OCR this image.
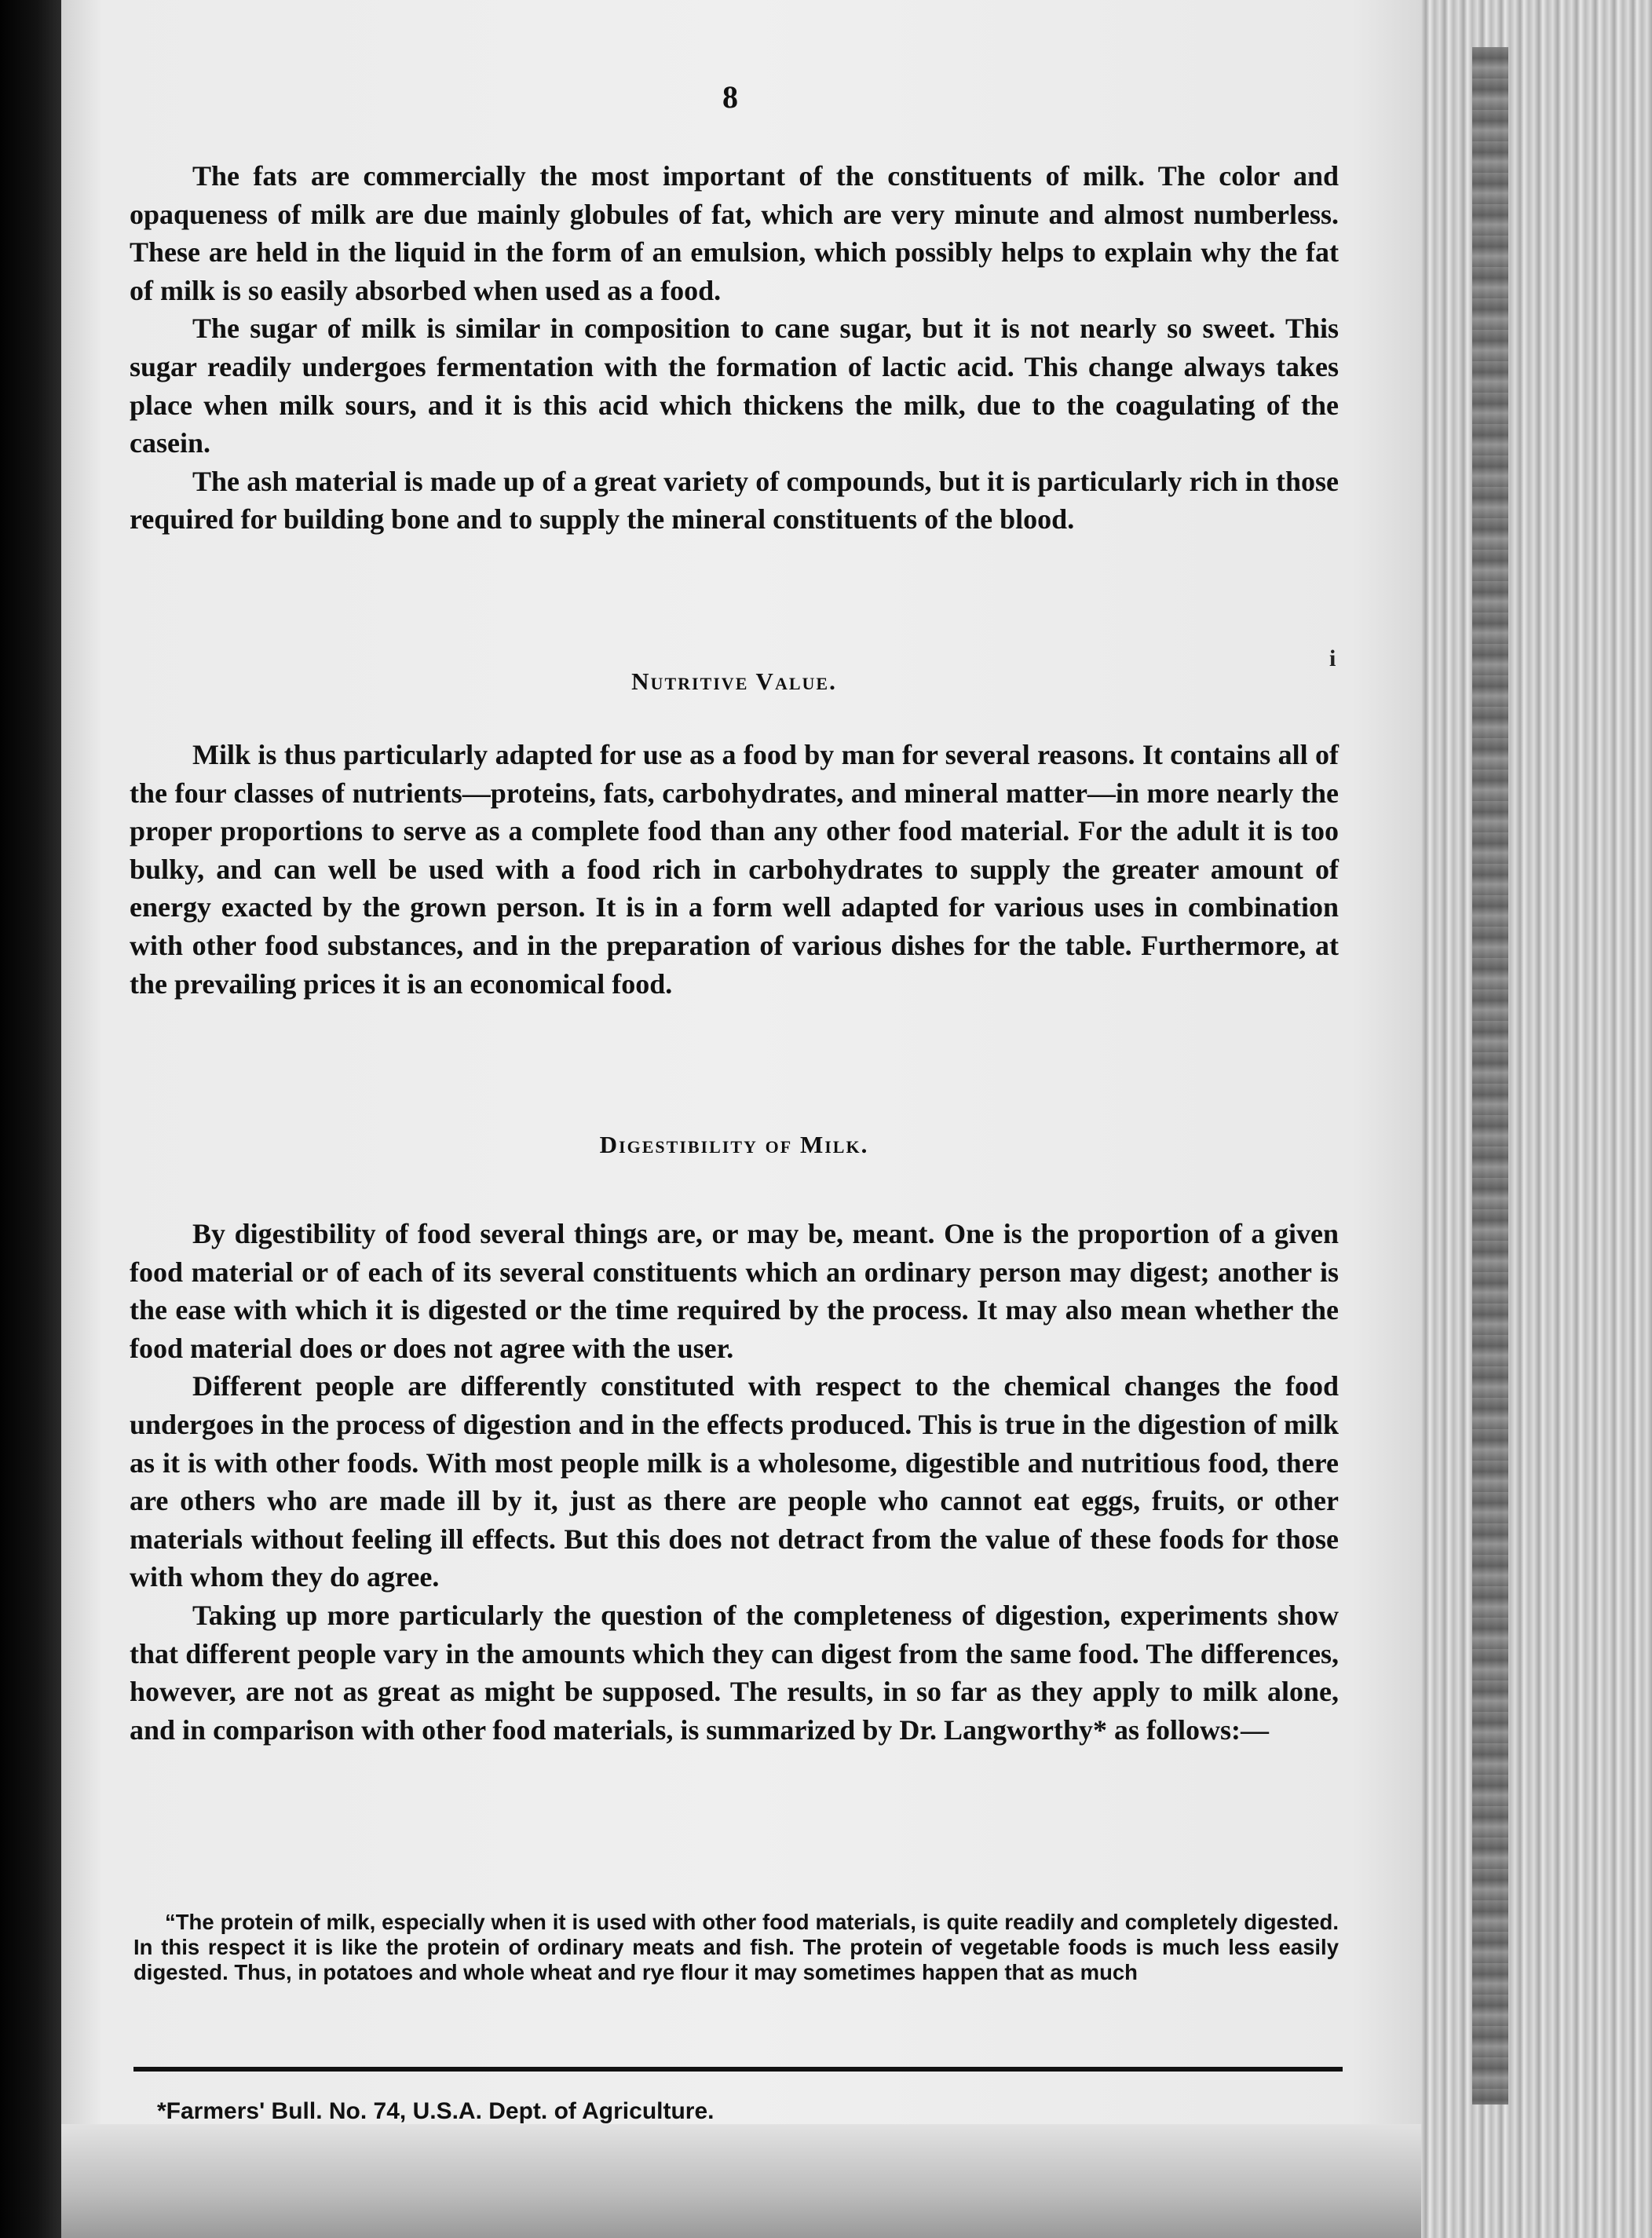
8

The fats are commercially the most important of the constituents of milk. The color and opaqueness of milk are due mainly globules of fat, which are very minute and almost numberless. These are held in the liquid in the form of an emulsion, which possibly helps to explain why the fat of milk is so easily absorbed when used as a food.

The sugar of milk is similar in composition to cane sugar, but it is not nearly so sweet. This sugar readily undergoes fermentation with the formation of lactic acid. This change always takes place when milk sours, and it is this acid which thickens the milk, due to the coagulating of the casein.

The ash material is made up of a great variety of compounds, but it is particularly rich in those required for building bone and to supply the mineral constituents of the blood.

i
Nutritive Value.

Milk is thus particularly adapted for use as a food by man for several reasons. It contains all of the four classes of nutrients—proteins, fats, carbohydrates, and mineral matter—in more nearly the proper proportions to serve as a complete food than any other food material. For the adult it is too bulky, and can well be used with a food rich in carbohydrates to supply the greater amount of energy exacted by the grown person. It is in a form well adapted for various uses in combination with other food substances, and in the preparation of various dishes for the table. Furthermore, at the prevailing prices it is an economical food.

Digestibility of Milk.

By digestibility of food several things are, or may be, meant. One is the proportion of a given food material or of each of its several constituents which an ordinary person may digest; another is the ease with which it is digested or the time required by the process. It may also mean whether the food material does or does not agree with the user.

Different people are differently constituted with respect to the chemical changes the food undergoes in the process of digestion and in the effects produced. This is true in the digestion of milk as it is with other foods. With most people milk is a wholesome, digestible and nutritious food, there are others who are made ill by it, just as there are people who cannot eat eggs, fruits, or other materials without feeling ill effects. But this does not detract from the value of these foods for those with whom they do agree.

Taking up more particularly the question of the completeness of digestion, experiments show that different people vary in the amounts which they can digest from the same food. The differences, however, are not as great as might be supposed. The results, in so far as they apply to milk alone, and in comparison with other food materials, is summarized by Dr. Langworthy* as follows:—

“The protein of milk, especially when it is used with other food materials, is quite readily and completely digested. In this respect it is like the protein of ordinary meats and fish. The protein of vegetable foods is much less easily digested. Thus, in potatoes and whole wheat and rye flour it may sometimes happen that as much
*Farmers' Bull. No. 74, U.S.A. Dept. of Agriculture.
